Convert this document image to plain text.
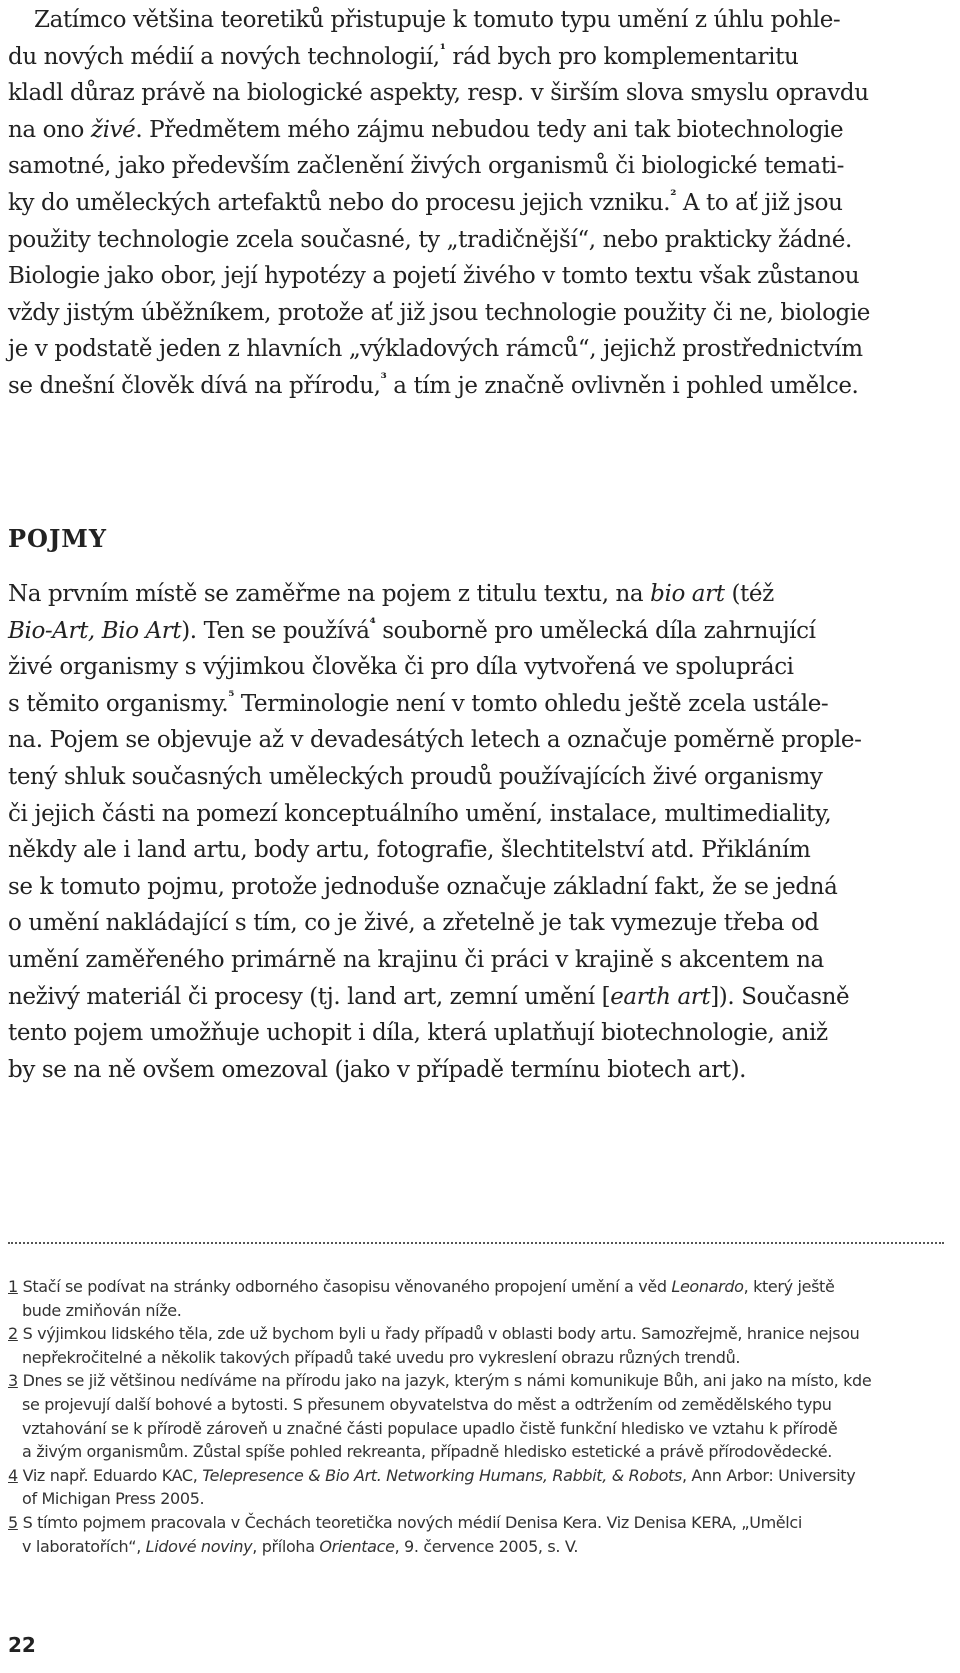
Zatímco většina teoretiků přistupuje k tomuto typu umění z úhlu pohle-
du nových médií a nových technologií,$^{^1}$ rád bych pro komplementaritu
kladl důraz právě na biologické aspekty, resp. v širším slova smyslu opravdu
na ono živé. Předmětem mého zájmu nebudou tedy ani tak biotechnologie
samotné, jako především začlenění živých organismů či biologické temati-
ky do uměleckých artefaktů nebo do procesu jejich vzniku.$^{^2}$ A to ať již jsou
použity technologie zcela současné, ty „tradičnější“, nebo prakticky žádné.
Biologie jako obor, její hypotézy a pojetí živého v tomto textu však zůstanou
vždy jistým úběžníkem, protože ať již jsou technologie použity či ne, biologie
je v podstatě jeden z hlavních „výkladových rámců“, jejichž prostřednictvím
se dnešní člověk dívá na přírodu,$^{^3}$ a tím je značně ovlivněn i pohled umělce.
POJMY
Na prvním místě se zaměřme na pojem z titulu textu, na bio art (též
Bio-Art, Bio Art). Ten se používá$^{^4}$ souborně pro umělecká díla zahrnující
živé organismy s výjimkou člověka či pro díla vytvořená ve spolupráci
s těmito organismy.$^{^5}$ Terminologie není v tomto ohledu ještě zcela ustále-
na. Pojem se objevuje až v devadesátých letech a označuje poměrně prople-
tený shluk současných uměleckých proudů používajících živé organismy
či jejich části na pomezí konceptuálního umění, instalace, multimediality,
někdy ale i land artu, body artu, fotografie, šlechtitelství atd. Přikláním
se k tomuto pojmu, protože jednoduše označuje základní fakt, že se jedná
o umění nakládající s tím, co je živé, a zřetelně je tak vymezuje třeba od
umění zaměřeného primárně na krajinu či práci v krajině s akcentem na
neživý materiál či procesy (tj. land art, zemní umění [earth art]). Současně
tento pojem umožňuje uchopit i díla, která uplatňují biotechnologie, aniž
by se na ně ovšem omezoval (jako v případě termínu biotech art).

1 Stačí se podívat na stránky odborného časopisu věnovaného propojení umění a věd Leonardo, který ještě
bude zmiňován níže.

2 S výjimkou lidského těla, zde už bychom byli u řady případů v oblasti body artu. Samozřejmě, hranice nejsou
nepřekročitelné a několik takových případů také uvedu pro vykreslení obrazu různých trendů.

3 Dnes se již většinou nedíváme na přírodu jako na jazyk, kterým s námi komunikuje Bůh, ani jako na místo, kde
se projevují další bohové a bytosti. S přesunem obyvatelstva do měst a odtržením od zemědělského typu
vztahování se k přírodě zároveň u značné části populace upadlo čistě funkční hledisko ve vztahu k přírodě
a živým organismům. Zůstal spíše pohled rekreanta, případně hledisko estetické a právě přírodovědecké.

4 Viz např. Eduardo KAC, Telepresence & Bio Art. Networking Humans, Rabbit, & Robots, Ann Arbor: University
of Michigan Press 2005.

5 S tímto pojmem pracovala v Čechách teoretička nových médií Denisa Kera. Viz Denisa KERA, „Umělci
v laboratořích“, Lidové noviny, příloha Orientace, 9. července 2005, s. V.

22
